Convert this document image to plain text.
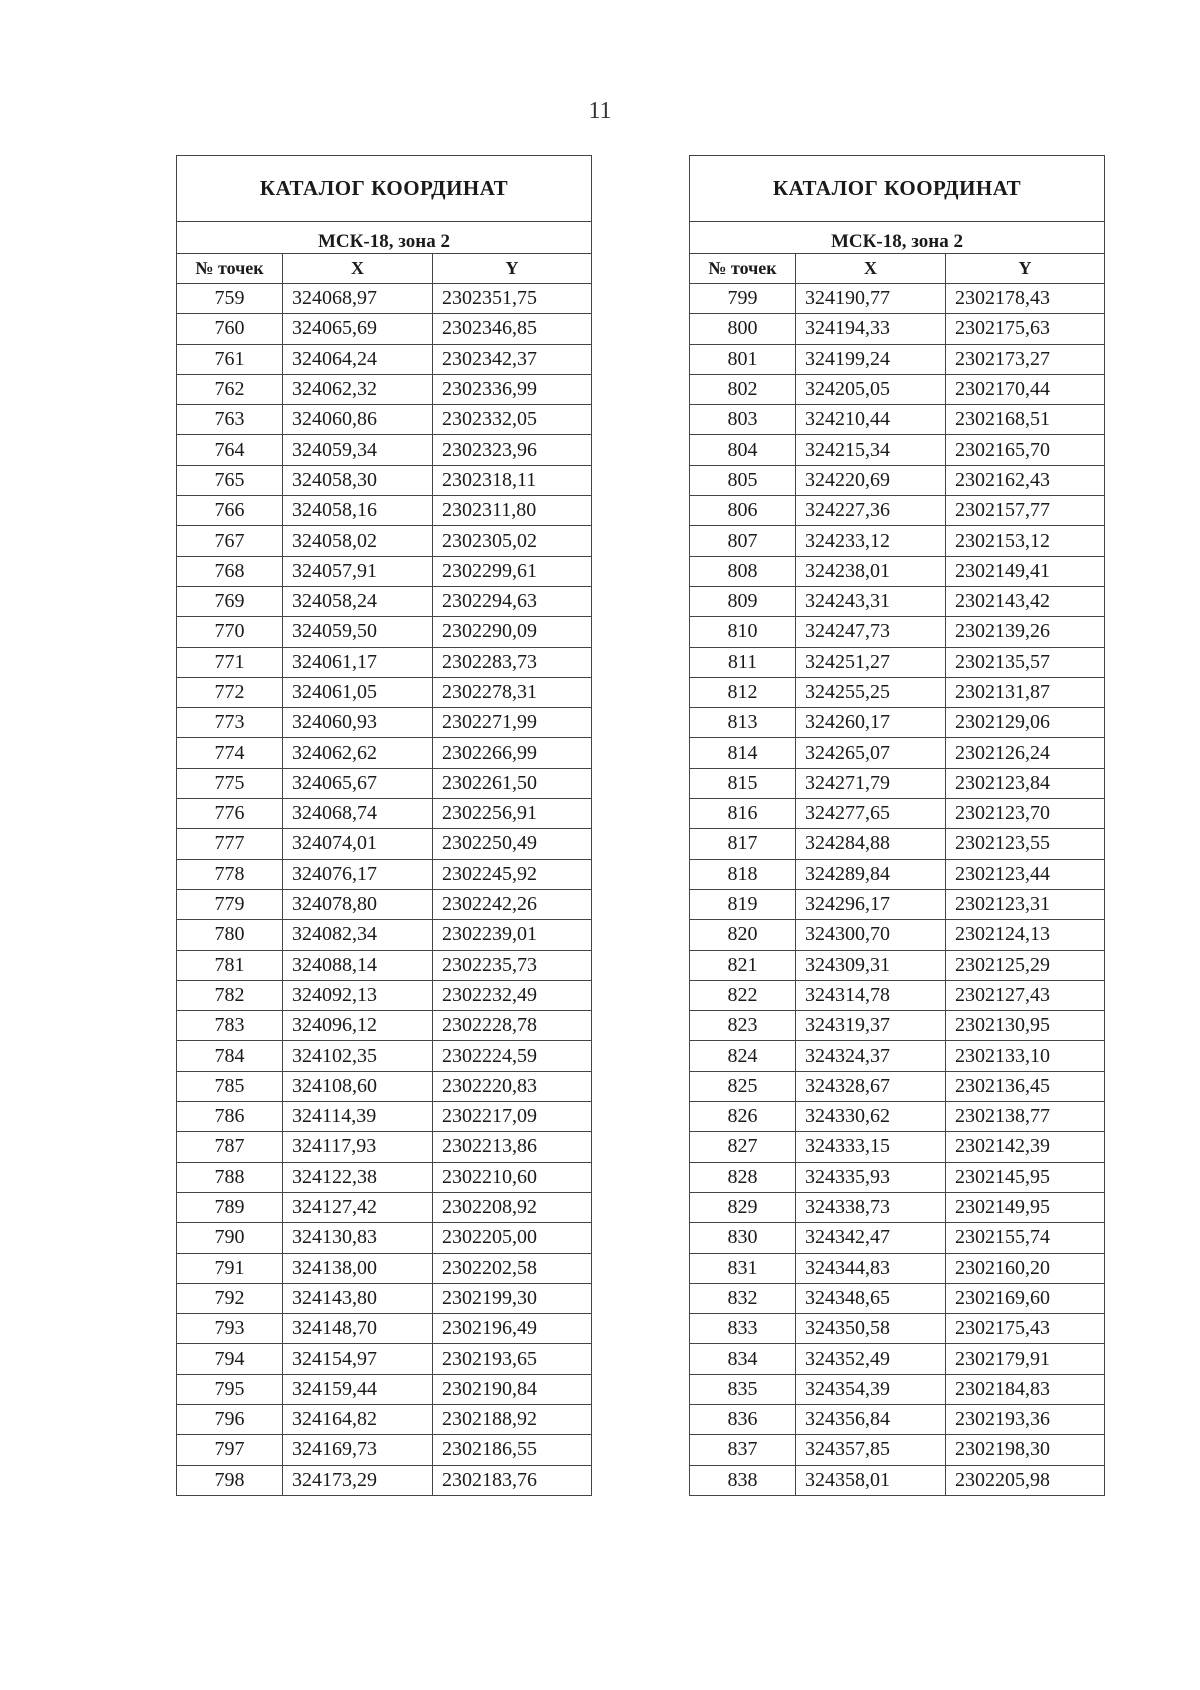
11
КАТАЛОГ КООРДИНАТ		
МСК-18, зона 2		
№ точек	X	Y
759	324068,97	2302351,75
760	324065,69	2302346,85
761	324064,24	2302342,37
762	324062,32	2302336,99
763	324060,86	2302332,05
764	324059,34	2302323,96
765	324058,30	2302318,11
766	324058,16	2302311,80
767	324058,02	2302305,02
768	324057,91	2302299,61
769	324058,24	2302294,63
770	324059,50	2302290,09
771	324061,17	2302283,73
772	324061,05	2302278,31
773	324060,93	2302271,99
774	324062,62	2302266,99
775	324065,67	2302261,50
776	324068,74	2302256,91
777	324074,01	2302250,49
778	324076,17	2302245,92
779	324078,80	2302242,26
780	324082,34	2302239,01
781	324088,14	2302235,73
782	324092,13	2302232,49
783	324096,12	2302228,78
784	324102,35	2302224,59
785	324108,60	2302220,83
786	324114,39	2302217,09
787	324117,93	2302213,86
788	324122,38	2302210,60
789	324127,42	2302208,92
790	324130,83	2302205,00
791	324138,00	2302202,58
792	324143,80	2302199,30
793	324148,70	2302196,49
794	324154,97	2302193,65
795	324159,44	2302190,84
796	324164,82	2302188,92
797	324169,73	2302186,55
798	324173,29	2302183,76
КАТАЛОГ КООРДИНАТ		
МСК-18, зона 2		
№ точек	X	Y
799	324190,77	2302178,43
800	324194,33	2302175,63
801	324199,24	2302173,27
802	324205,05	2302170,44
803	324210,44	2302168,51
804	324215,34	2302165,70
805	324220,69	2302162,43
806	324227,36	2302157,77
807	324233,12	2302153,12
808	324238,01	2302149,41
809	324243,31	2302143,42
810	324247,73	2302139,26
811	324251,27	2302135,57
812	324255,25	2302131,87
813	324260,17	2302129,06
814	324265,07	2302126,24
815	324271,79	2302123,84
816	324277,65	2302123,70
817	324284,88	2302123,55
818	324289,84	2302123,44
819	324296,17	2302123,31
820	324300,70	2302124,13
821	324309,31	2302125,29
822	324314,78	2302127,43
823	324319,37	2302130,95
824	324324,37	2302133,10
825	324328,67	2302136,45
826	324330,62	2302138,77
827	324333,15	2302142,39
828	324335,93	2302145,95
829	324338,73	2302149,95
830	324342,47	2302155,74
831	324344,83	2302160,20
832	324348,65	2302169,60
833	324350,58	2302175,43
834	324352,49	2302179,91
835	324354,39	2302184,83
836	324356,84	2302193,36
837	324357,85	2302198,30
838	324358,01	2302205,98
